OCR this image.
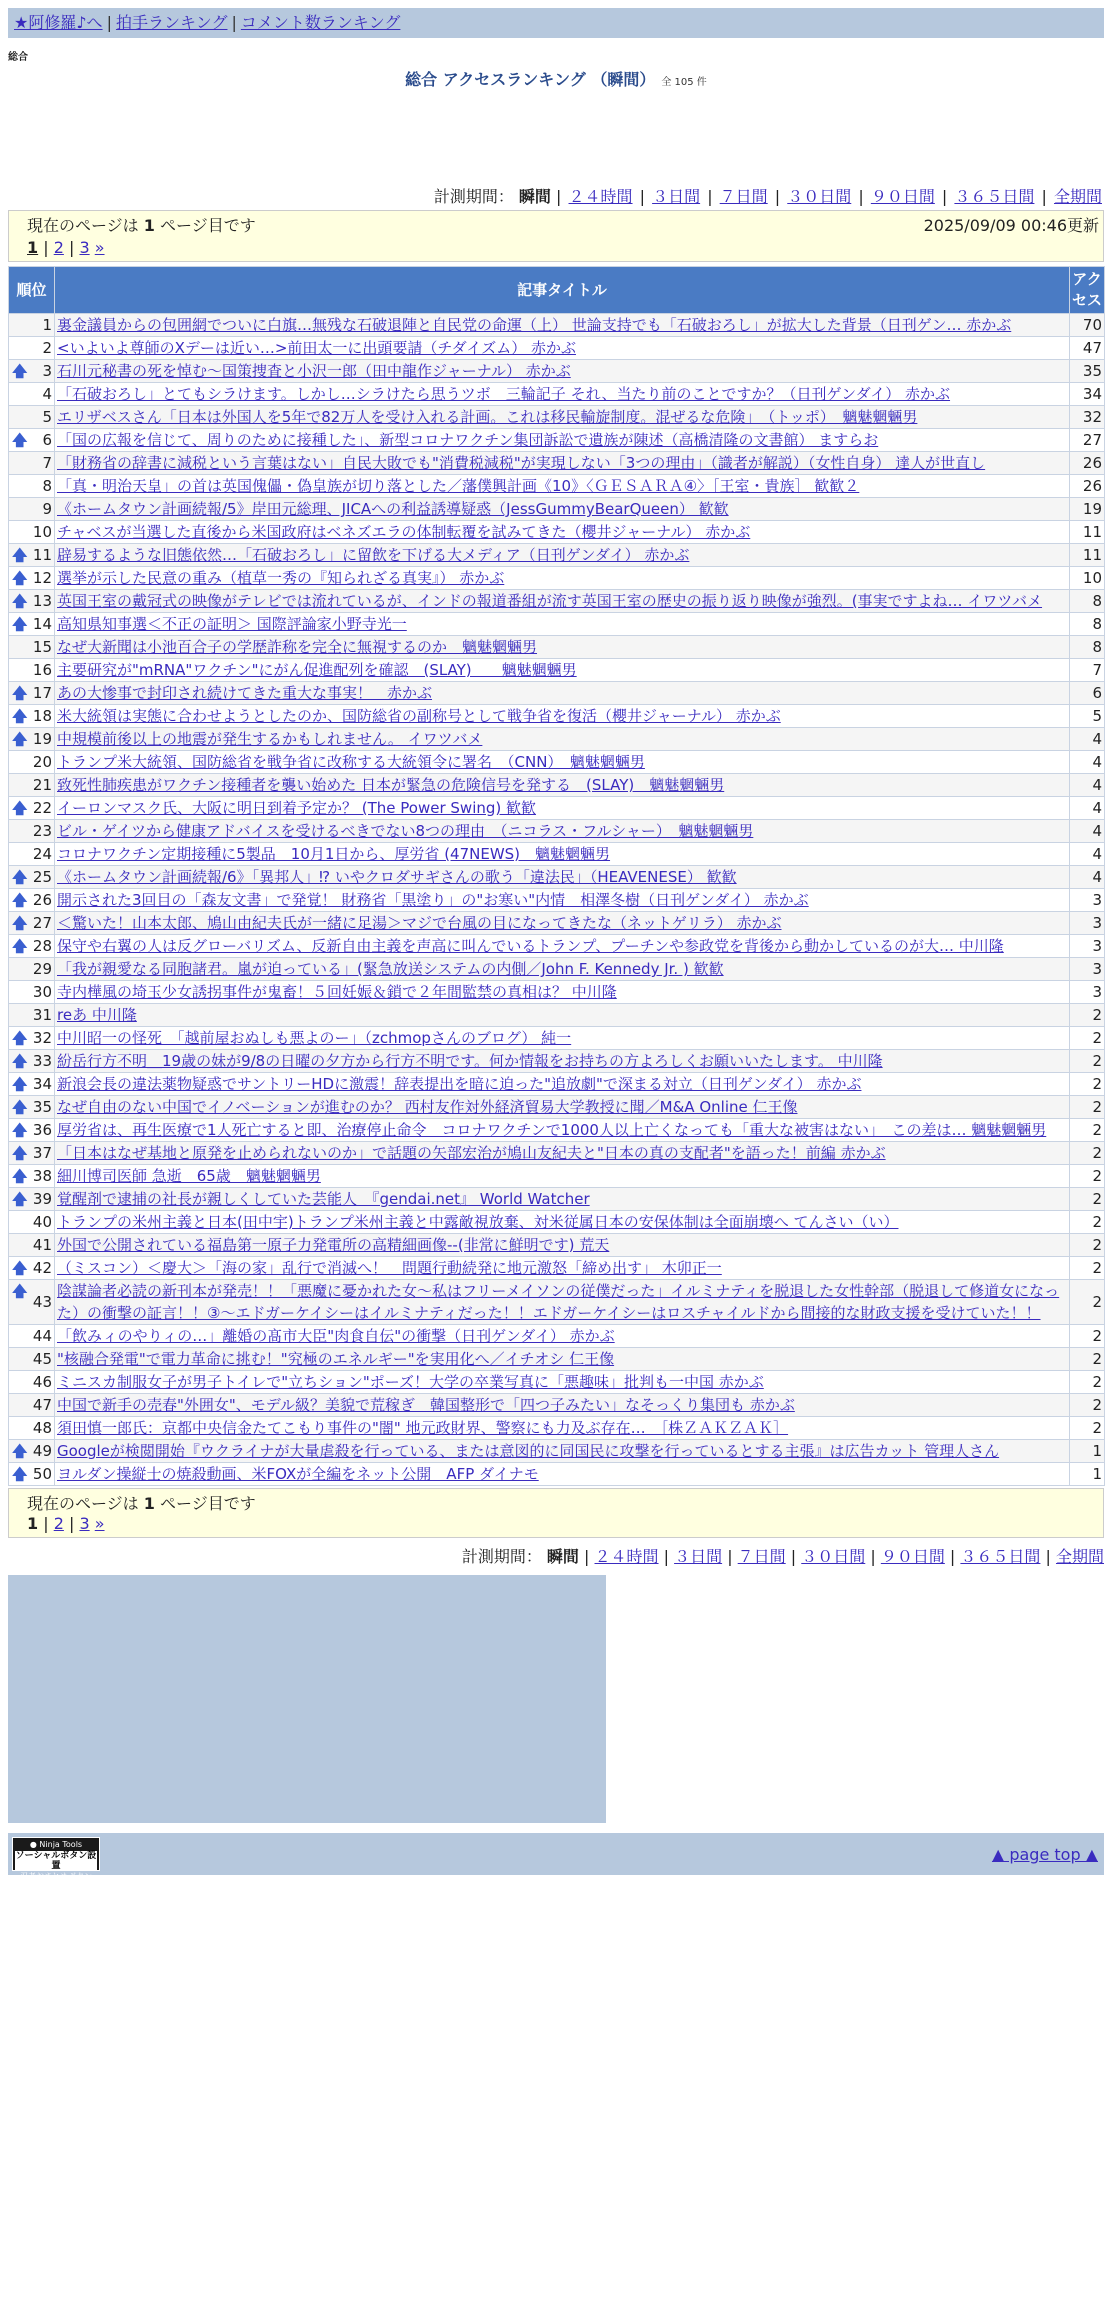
★阿修羅♪へ | 拍手ランキング | コメント数ランキング
総合
総合 アクセスランキング （瞬間） 全 105 件
計測期間： 瞬間 | ２４時間 | ３日間 | ７日間 | ３０日間 | ９０日間 | ３６５日間 | 全期間
現在のページは 1 ページ目です
1 | 2 | 3 »
2025/09/09 00:46更新
順位	記事タイトル	アクセス
1	裏金議員からの包囲網でついに白旗…無残な石破退陣と自民党の命運（上） 世論支持でも「石破おろし」が拡大した背景（日刊ゲン… 赤かぶ	70
2	<いよいよ尊師のXデーは近い…>前田太一に出頭要請（チダイズム） 赤かぶ	47

🡅 3	石川元秘書の死を悼む〜国策捜査と小沢一郎（田中龍作ジャーナル） 赤かぶ	35
4	「石破おろし」とてもシラけます。しかし…シラけたら思うツボ　三輪記子 それ、当たり前のことですか？（日刊ゲンダイ） 赤かぶ	34
5	エリザベスさん「日本は外国人を5年で82万人を受け入れる計画。これは移民輸旋制度。混ぜるな危険」　（トッポ）　魑魅魍魎男	32

🡅 6	「国の広報を信じて、周りのために接種した」、新型コロナワクチン集団訴訟で遺族が陳述（高橋清隆の文書館） ますらお	27
7	「財務省の辞書に減税という言葉はない」自民大敗でも"消費税減税"が実現しない「3つの理由」（識者が解説）（女性自身） 達人が世直し	26
8	「真・明治天皇」の首は英国傀儡・偽皇族が切り落とした／藩僕興計画《10》〈ＧＥＳＡＲＡ④〉［王室・貴族］ 歓歓２	26
9	《ホームタウン計画続報/5》岸田元総理、JICAへの利益誘導疑惑（JessGummyBearQueen） 歓歓	19
10	チャベスが当選した直後から米国政府はベネズエラの体制転覆を試みてきた（櫻井ジャーナル） 赤かぶ	11

🡅 11	辟易するような旧態依然…「石破おろし」に留飲を下げる大メディア（日刊ゲンダイ） 赤かぶ	11

🡅 12	選挙が示した民意の重み（植草一秀の『知られざる真実』） 赤かぶ	10

🡅 13	英国王室の戴冠式の映像がテレビでは流れているが、インドの報道番組が流す英国王室の歴史の振り返り映像が強烈。(事実ですよね… イワツバメ	8

🡅 14	高知県知事選＜不正の証明＞ 国際評論家小野寺光一	8
15	なぜ大新聞は小池百合子の学歴詐称を完全に無視するのか　魑魅魍魎男	8
16	主要研究が"mRNA"ワクチン"にがん促進配列を確認　(SLAY)　　魑魅魍魎男	7

🡅 17	あの大惨事で封印され続けてきた重大な事実！　赤かぶ	6

🡅 18	米大統領は実態に合わせようとしたのか、国防総省の副称号として戦争省を復活（櫻井ジャーナル） 赤かぶ	5

🡅 19	中規模前後以上の地震が発生するかもしれません。 イワツバメ	4
20	トランプ米大統領、国防総省を戦争省に改称する大統領令に署名　（CNN）　魑魅魍魎男	4
21	致死性肺疾患がワクチン接種者を襲い始めた 日本が緊急の危険信号を発する　(SLAY)　魑魅魍魎男	4

🡅 22	イーロンマスク氏、大阪に明日到着予定か？ (The Power Swing) 歓歓	4
23	ビル・ゲイツから健康アドバイスを受けるべきでない8つの理由　（ニコラス・フルシャー）　魑魅魍魎男	4
24	コロナワクチン定期接種に5製品　10月1日から、厚労省 (47NEWS)　魑魅魍魎男	4

🡅 25	《ホームタウン計画続報/6》「異邦人」⁉ いやクロダサギさんの歌う「違法民」（HEAVENESE） 歓歓	4

🡅 26	開示された3回目の「森友文書」で発覚！ 財務省「黒塗り」の"お寒い"内情　相澤冬樹（日刊ゲンダイ） 赤かぶ	3

🡅 27	＜驚いた！山本太郎、鳩山由紀夫氏が一緒に足湯＞マジで台風の目になってきたな（ネットゲリラ） 赤かぶ	3

🡅 28	保守や右翼の人は反グローバリズム、反新自由主義を声高に叫んでいるトランプ、プーチンや参政党を背後から動かしているのが大… 中川隆	3
29	「我が親愛なる同胞諸君。嵐が迫っている」(緊急放送システムの内側／John F. Kennedy Jr. ) 歓歓	3
30	寺内樺風の埼玉少女誘拐事件が鬼畜！５回妊娠＆鎖で２年間監禁の真相は？ 中川隆	3
31	reあ 中川隆	2

🡅 32	中川昭一の怪死　「越前屋おぬしも悪よのー」（zchmopさんのブログ） 純一	2

🡅 33	紛岳行方不明＿19歳の妹が9/8の日曜の夕方から行方不明です。何か情報をお持ちの方よろしくお願いいたします。 中川隆	2

🡅 34	新浪会長の違法薬物疑惑でサントリーHDに激震！辞表提出を暗に迫った"追放劇"で深まる対立（日刊ゲンダイ） 赤かぶ	2

🡅 35	なぜ自由のない中国でイノベーションが進むのか？ 西村友作対外経済貿易大学教授に聞／M&A Online 仁王像	2

🡅 36	厚労省は、再生医療で1人死亡すると即、治療停止命令　コロナワクチンで1000人以上亡くなっても「重大な被害はない」　この差は… 魑魅魍魎男	2

🡅 37	「日本はなぜ基地と原発を止められないのか」で話題の矢部宏治が鳩山友紀夫と"日本の真の支配者"を語った！前編 赤かぶ	2

🡅 38	細川博司医師 急逝　65歳　魑魅魍魎男	2

🡅 39	覚醒剤で逮捕の社長が親しくしていた芸能人　『gendai.net』 World Watcher	2
40	トランプの米州主義と日本(田中宇)トランプ米州主義と中露敵視放棄、対米従属日本の安保体制は全面崩壊へ てんさい（い）	2
41	外国で公開されている福島第一原子力発電所の高精細画像--(非常に鮮明です) 荒天	2

🡅 42	（ミスコン）＜慶大＞「海の家」乱行で消滅へ！　問題行動続発に地元激怒「締め出す」 木卯正一	2

🡅
43	陰謀論者必読の新刊本が発売！！「悪魔に憂かれた女〜私はフリーメイソンの従僕だった」イルミナティを脱退した女性幹部（脱退して修道女になった）の衝撃の証言！！③〜エドガーケイシーはイルミナティだった！！エドガーケイシーはロスチャイルドから間接的な財政支援を受けていた！！	2
44	「飲みィのやりィの…」離婚の髙市大臣"肉食自伝"の衝撃（日刊ゲンダイ） 赤かぶ	2
45	"核融合発電"で電力革命に挑む！"究極のエネルギー"を実用化へ／イチオシ 仁王像	2
46	ミニスカ制服女子が男子トイレで"立ちション"ポーズ！大学の卒業写真に「悪趣味」批判も一中国 赤かぶ	2
47	中国で新手の売春"外囲女"、モデル級？美貌で荒稼ぎ　韓国整形で「四つ子みたい」なそっくり集団も 赤かぶ	2
48	須田慎一郎氏：京都中央信金たてこもり事件の"闇" 地元政財界、警察にも力及ぶ存在…　［株ＺＡＫＺＡＫ］	2

🡅 49	Googleが検閲開始『ウクライナが大量虐殺を行っている、または意図的に同国民に攻撃を行っているとする主張』は広告カット 管理人さん	1

🡅 50	ヨルダン操縦士の焼殺動画、米FOXが全編をネット公開　AFP ダイナモ	1
現在のページは 1 ページ目です
1 | 2 | 3 »
計測期間： 瞬間 | ２４時間 | ３日間 | ７日間 | ３０日間 | ９０日間 | ３６５日間 | 全期間
● Ninja Tools
ソーシャルボタン設置
忍者おまとめボタン
▲ page top ▲
